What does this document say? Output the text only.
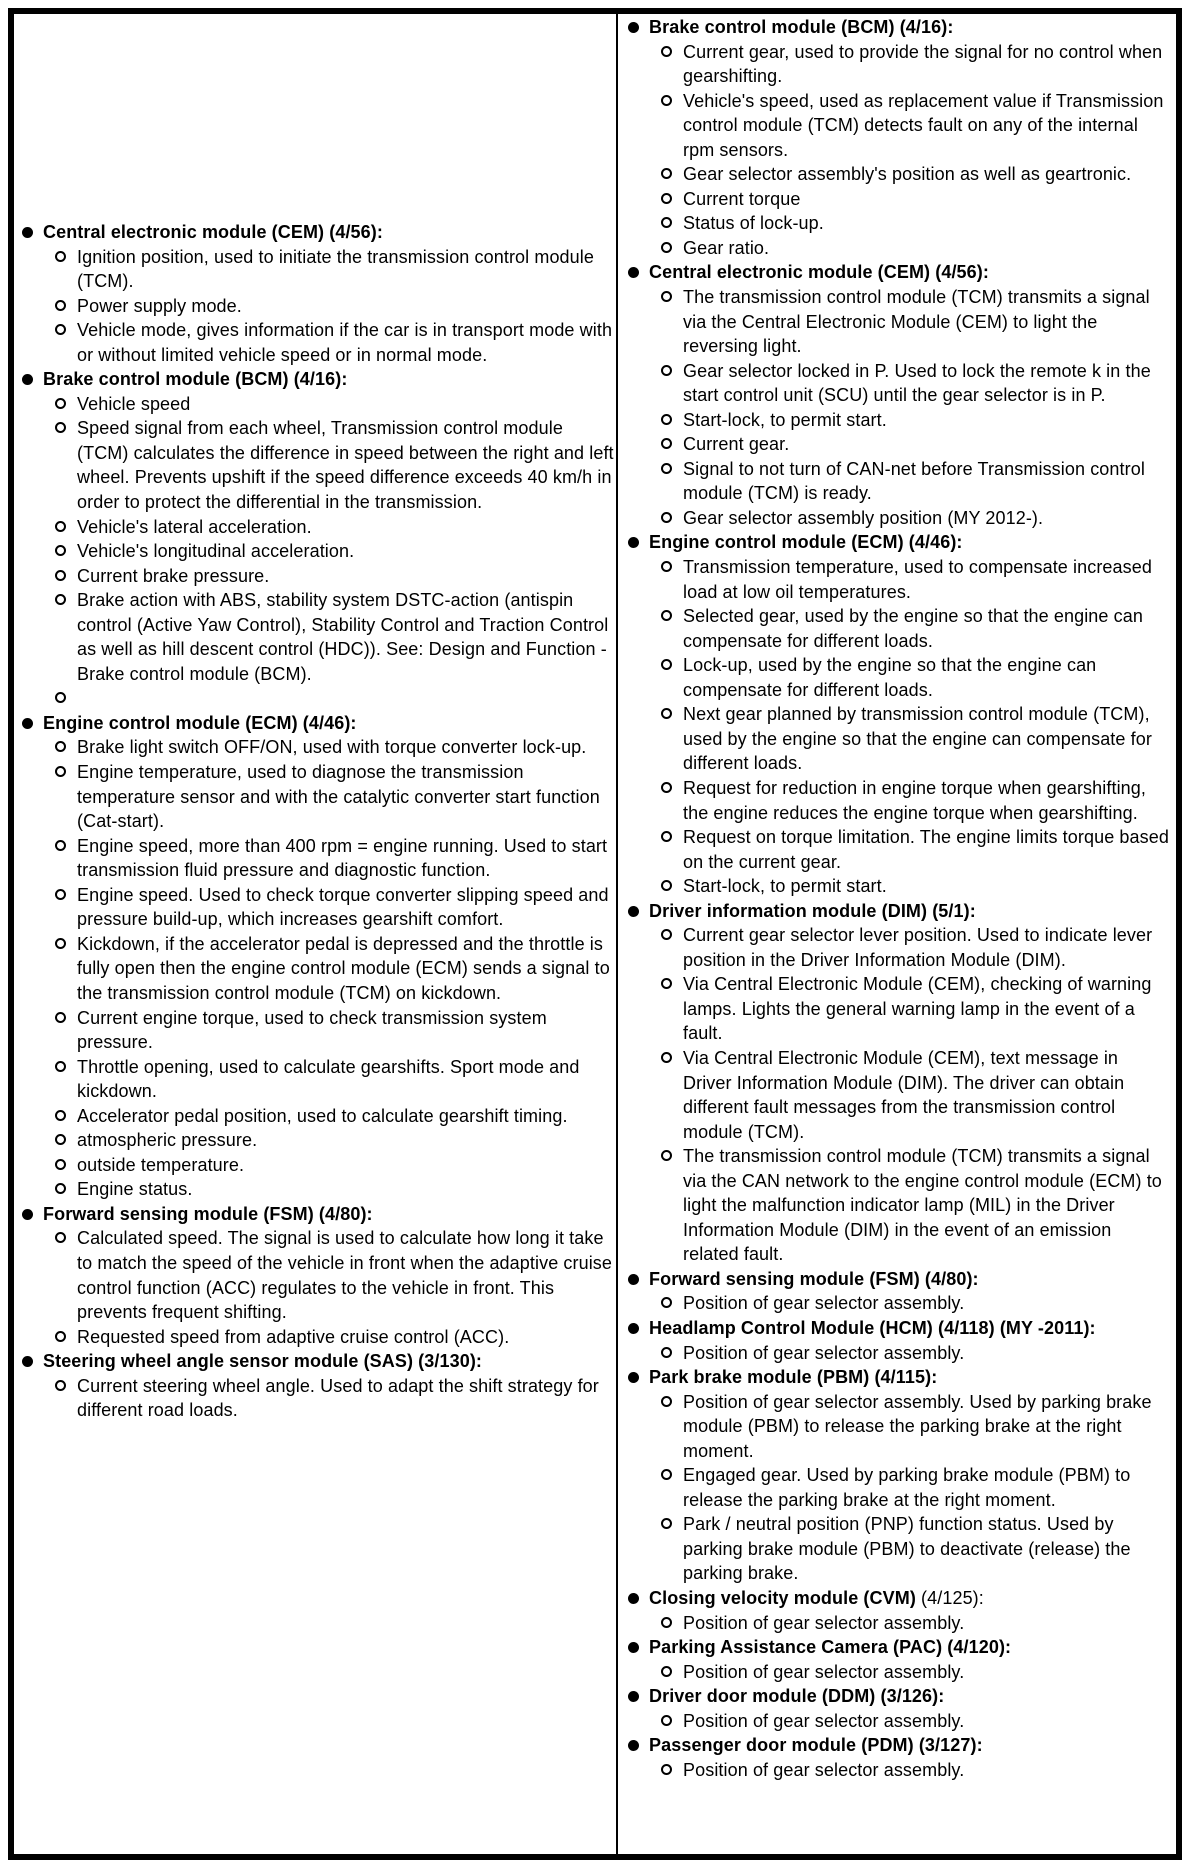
Central electronic module (CEM) (4/56):
Ignition position, used to initiate the transmission control module (TCM).
Power supply mode.
Vehicle mode, gives information if the car is in transport mode with or without limited vehicle speed or in normal mode.
Brake control module (BCM) (4/16):
Vehicle speed
Speed signal from each wheel, Transmission control module (TCM) calculates the difference in speed between the right and left wheel. Prevents upshift if the speed difference exceeds 40 km/h in order to protect the differential in the transmission.
Vehicle's lateral acceleration.
Vehicle's longitudinal acceleration.
Current brake pressure.
Brake action with ABS, stability system DSTC-action (antispin control (Active Yaw Control), Stability Control and Traction Control as well as hill descent control (HDC)). See: Design and Function - Brake control module (BCM).
Engine control module (ECM) (4/46):
Brake light switch OFF/ON, used with torque converter lock-up.
Engine temperature, used to diagnose the transmission temperature sensor and with the catalytic converter start function (Cat-start).
Engine speed, more than 400 rpm = engine running. Used to start transmission fluid pressure and diagnostic function.
Engine speed. Used to check torque converter slipping speed and pressure build-up, which increases gearshift comfort.
Kickdown, if the accelerator pedal is depressed and the throttle is fully open then the engine control module (ECM) sends a signal to the transmission control module (TCM) on kickdown.
Current engine torque, used to check transmission system pressure.
Throttle opening, used to calculate gearshifts. Sport mode and kickdown.
Accelerator pedal position, used to calculate gearshift timing.
atmospheric pressure.
outside temperature.
Engine status.
Forward sensing module (FSM) (4/80):
Calculated speed. The signal is used to calculate how long it take to match the speed of the vehicle in front when the adaptive cruise control function (ACC) regulates to the vehicle in front. This prevents frequent shifting.
Requested speed from adaptive cruise control (ACC).
Steering wheel angle sensor module (SAS) (3/130):
Current steering wheel angle. Used to adapt the shift strategy for different road loads.
Brake control module (BCM) (4/16):
Current gear, used to provide the signal for no control when gearshifting.
Vehicle's speed, used as replacement value if Transmission control module (TCM) detects fault on any of the internal rpm sensors.
Gear selector assembly's position as well as geartronic.
Current torque
Status of lock-up.
Gear ratio.
Central electronic module (CEM) (4/56):
The transmission control module (TCM) transmits a signal via the Central Electronic Module (CEM) to light the reversing light.
Gear selector locked in P. Used to lock the remote k in the start control unit (SCU) until the gear selector is in P.
Start-lock, to permit start.
Current gear.
Signal to not turn of CAN-net before Transmission control module (TCM) is ready.
Gear selector assembly position (MY 2012-).
Engine control module (ECM) (4/46):
Transmission temperature, used to compensate increased load at low oil temperatures.
Selected gear, used by the engine so that the engine can compensate for different loads.
Lock-up, used by the engine so that the engine can compensate for different loads.
Next gear planned by transmission control module (TCM), used by the engine so that the engine can compensate for different loads.
Request for reduction in engine torque when gearshifting, the engine reduces the engine torque when gearshifting.
Request on torque limitation. The engine limits torque based on the current gear.
Start-lock, to permit start.
Driver information module (DIM) (5/1):
Current gear selector lever position. Used to indicate lever position in the Driver Information Module (DIM).
Via Central Electronic Module (CEM), checking of warning lamps. Lights the general warning lamp in the event of a fault.
Via Central Electronic Module (CEM), text message in Driver Information Module (DIM). The driver can obtain different fault messages from the transmission control module (TCM).
The transmission control module (TCM) transmits a signal via the CAN network to the engine control module (ECM) to light the malfunction indicator lamp (MIL) in the Driver Information Module (DIM) in the event of an emission related fault.
Forward sensing module (FSM) (4/80):
Position of gear selector assembly.
Headlamp Control Module (HCM) (4/118) (MY -2011):
Position of gear selector assembly.
Park brake module (PBM) (4/115):
Position of gear selector assembly. Used by parking brake module (PBM) to release the parking brake at the right moment.
Engaged gear. Used by parking brake module (PBM) to release the parking brake at the right moment.
Park / neutral position (PNP) function status. Used by parking brake module (PBM) to deactivate (release) the parking brake.
Closing velocity module (CVM) (4/125):
Position of gear selector assembly.
Parking Assistance Camera (PAC) (4/120):
Position of gear selector assembly.
Driver door module (DDM) (3/126):
Position of gear selector assembly.
Passenger door module (PDM) (3/127):
Position of gear selector assembly.
